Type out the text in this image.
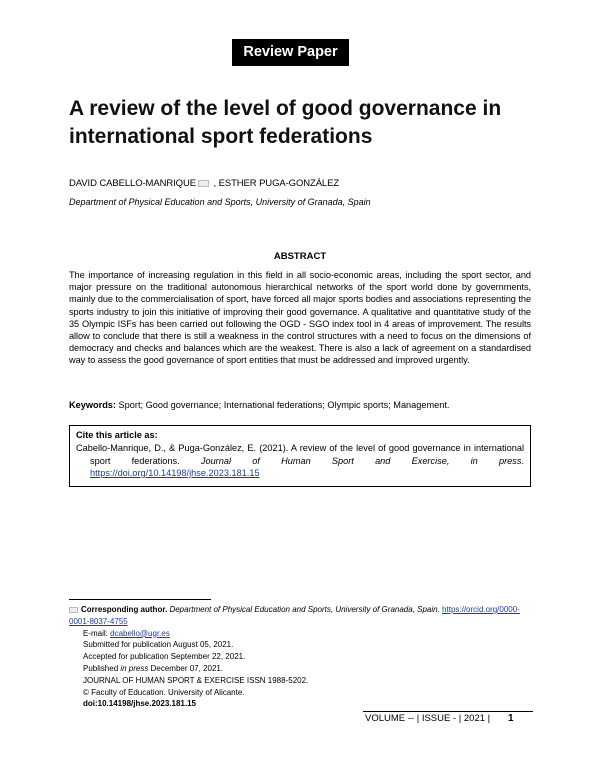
Review Paper
A review of the level of good governance in international sport federations
DAVID CABELLO-MANRIQUE , ESTHER PUGA-GONZÁLEZ
Department of Physical Education and Sports, University of Granada, Spain
ABSTRACT

The importance of increasing regulation in this field in all socio-economic areas, including the sport sector, and major pressure on the traditional autonomous hierarchical networks of the sport world done by governments, mainly due to the commercialisation of sport, have forced all major sports bodies and associations representing the sports industry to join this initiative of improving their good governance. A qualitative and quantitative study of the 35 Olympic ISFs has been carried out following the OGD - SGO index tool in 4 areas of improvement. The results allow to conclude that there is still a weakness in the control structures with a need to focus on the dimensions of democracy and checks and balances which are the weakest. There is also a lack of agreement on a standardised way to assess the good governance of sport entities that must be addressed and improved urgently.

Keywords: Sport; Good governance; International federations; Olympic sports; Management.
Cite this article as:
Cabello-Manrique, D., & Puga-González, E. (2021). A review of the level of good governance in international sport federations. Journal of Human Sport and Exercise, in press. https://doi.org/10.14198/jhse.2023.181.15
Corresponding author. Department of Physical Education and Sports, University of Granada, Spain. https://orcid.org/0000-0001-8037-4755
E-mail: dcabello@ugr.es
Submitted for publication August 05, 2021.
Accepted for publication September 22, 2021.
Published in press December 07, 2021.
JOURNAL OF HUMAN SPORT & EXERCISE ISSN 1988-5202.
© Faculty of Education. University of Alicante.
doi:10.14198/jhse.2023.181.15
VOLUME -- | ISSUE - | 2021 | 1
